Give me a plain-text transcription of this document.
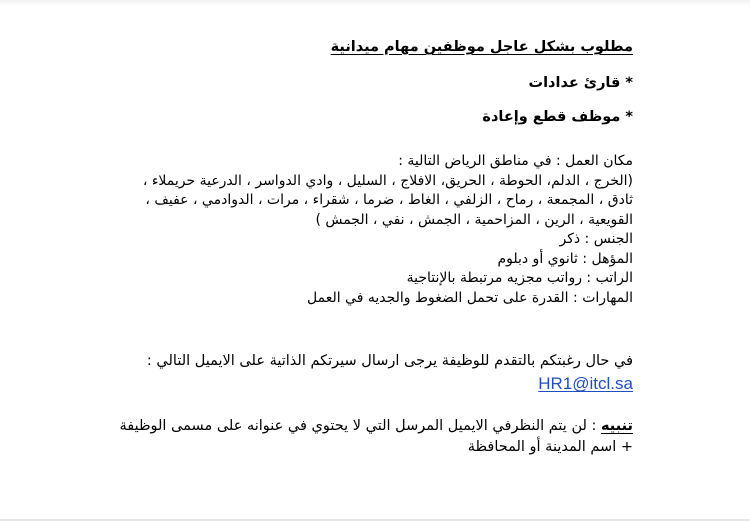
مطلوب بشكل عاجل موظفين مهام ميدانية

* قارئ عدادات

* موظف قطع وإعادة

مكان العمل : في مناطق الرياض التالية :
(الخرج ، الدلم، الحوطة ، الحريق، الافلاج ، السليل ، وادي الدواسر ، الدرعية حريملاء ،
ثادق ، المجمعة ، رماح ، الزلفي ، الغاط ، ضرما ، شقراء ، مرات ، الدوادمي ، عفيف ،
القويعية ، الرين ، المزاحمية ، الجمش ، نفي ، الجمش )
الجنس : ذكر
المؤهل : ثانوي أو دبلوم
الراتب : رواتب مجزيه مرتبطة بالإنتاجية
المهارات : القدرة على تحمل الضغوط والجديه في العمل
في حال رغبتكم بالتقدم للوظيفة يرجى ارسال سيرتكم الذاتية على الايميل التالي :
HR1@itcl.sa
تنبيه : لن يتم النظرفي الايميل المرسل التي لا يحتوي في عنوانه على مسمى الوظيفة + اسم المدينة أو المحافظة
